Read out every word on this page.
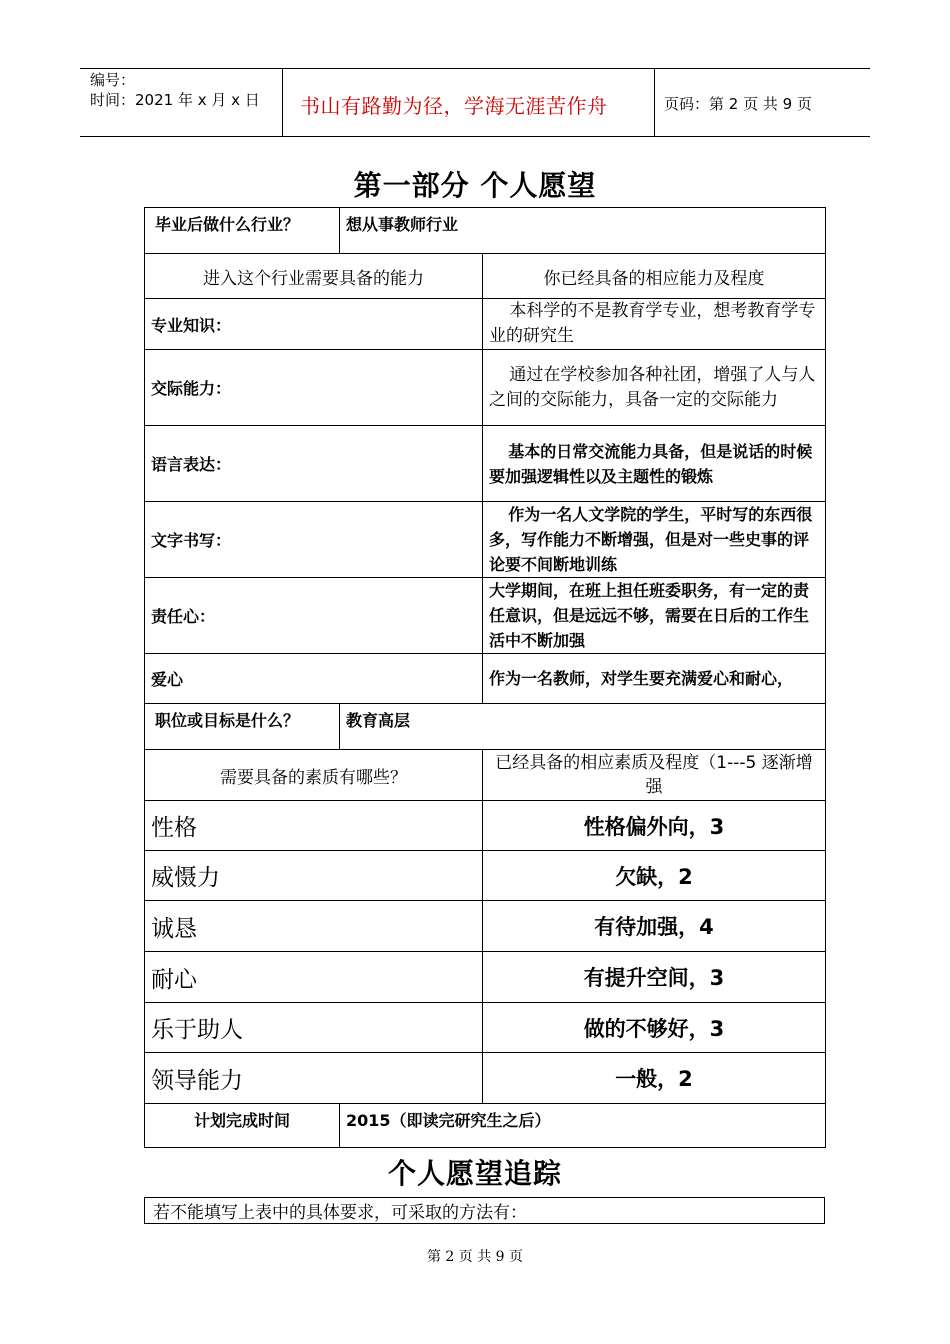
编号：
时间：2021 年 x 月 x 日 书山有路勤为径，学海无涯苦作舟	页码：第 2 页 共 9 页
第一部分 个人愿望
毕业后做什么行业？	想从事教师行业	
进入这个行业需要具备的能力		你已经具备的相应能力及程度
专业知识：		本科学的不是教育学专业，想考教育学专业的研究生
交际能力：		通过在学校参加各种社团，增强了人与人之间的交际能力，具备一定的交际能力
语言表达：		基本的日常交流能力具备，但是说话的时候要加强逻辑性以及主题性的锻炼
文字书写：		作为一名人文学院的学生，平时写的东西很多，写作能力不断增强，但是对一些史事的评论要不间断地训练
责任心：		大学期间，在班上担任班委职务，有一定的责任意识，但是远远不够，需要在日后的工作生活中不断加强
爱心		作为一名教师，对学生要充满爱心和耐心，
职位或目标是什么？	教育高层	
需要具备的素质有哪些？		已经具备的相应素质及程度（1---5 逐渐增强
性格		性格偏外向，3
威慑力		欠缺，2
诚恳		有待加强，4
耐心		有提升空间，3
乐于助人		做的不够好，3
领导能力		一般，2
计划完成时间	2015（即读完研究生之后）	
个人愿望追踪
若不能填写上表中的具体要求，可采取的方法有：
第 2 页 共 9 页
